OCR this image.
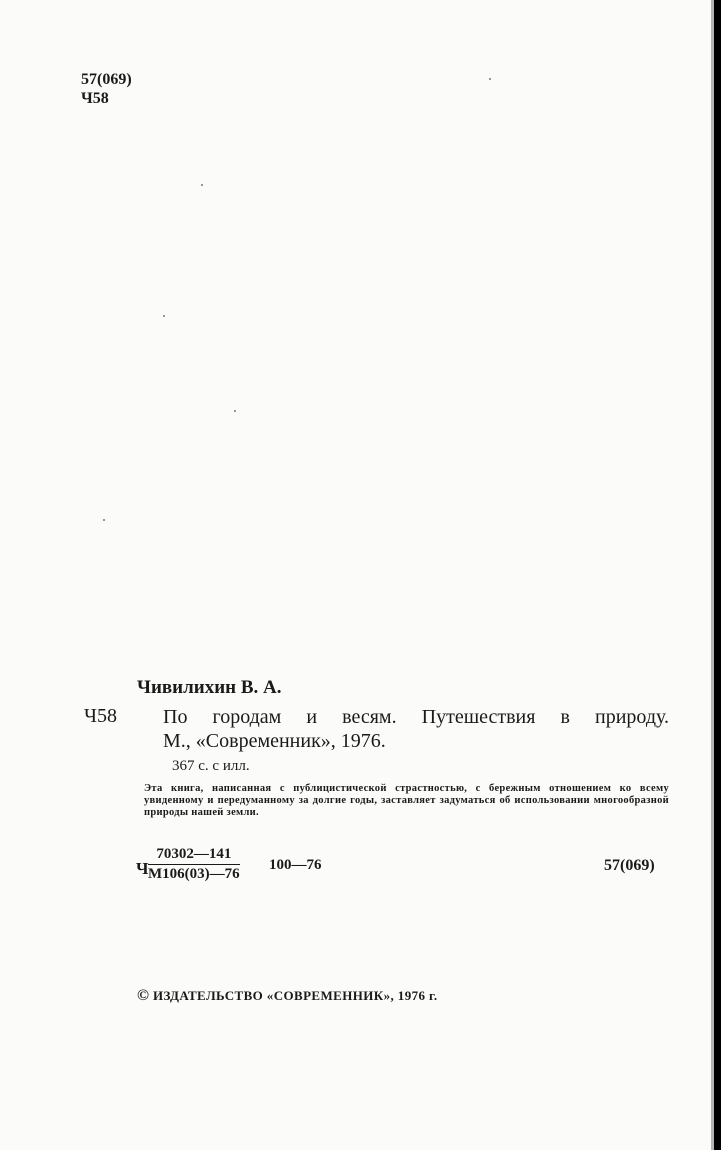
57(069)
Ч58
Чивилихин В. А.
Ч58 По городам и весям. Путешествия в природу.
М., «Современник», 1976.
367 с. с илл.
Эта книга, написанная с публицистической страстностью, с бережным отношением ко всему увиденному и передуманному за долгие годы, заставляет задуматься об использовании многообразной природы нашей земли.
Ч
70302—141
М106(03)—76
100—76	57(069)
© ИЗДАТЕЛЬСТВО «СОВРЕМЕННИК», 1976 г.
